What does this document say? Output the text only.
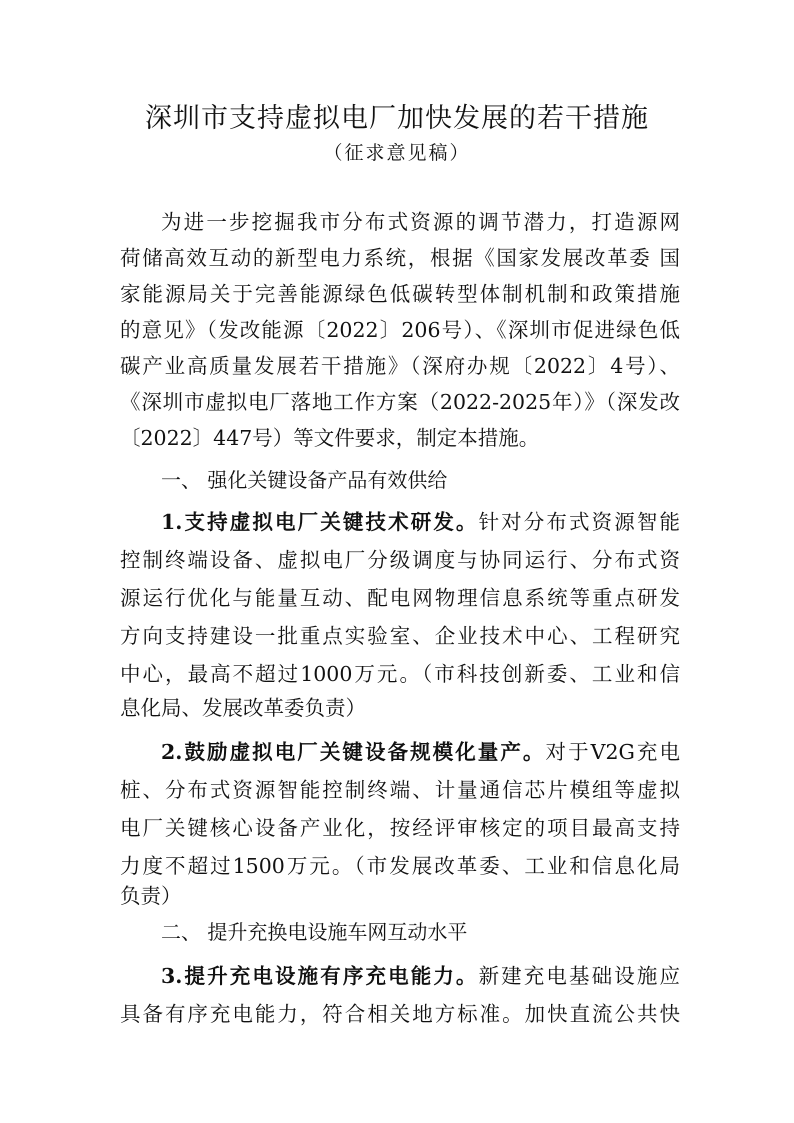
深圳市支持虚拟电厂加快发展的若干措施
（征求意见稿）
为进一步挖掘我市分布式资源的调节潜力，打造源网
荷储高效互动的新型电力系统，根据《国家发展改革委 国
家能源局关于完善能源绿色低碳转型体制机制和政策措施
的意见》（发改能源〔2022〕206号）、《深圳市促进绿色低
碳产业高质量发展若干措施》（深府办规〔2022〕4号）、
《深圳市虚拟电厂落地工作方案（2022-2025年）》（深发改
〔2022〕447号）等文件要求，制定本措施。
一、 强化关键设备产品有效供给
1.支持虚拟电厂关键技术研发。针对分布式资源智能
控制终端设备、虚拟电厂分级调度与协同运行、分布式资
源运行优化与能量互动、配电网物理信息系统等重点研发
方向支持建设一批重点实验室、企业技术中心、工程研究
中心，最高不超过1000万元。（市科技创新委、工业和信
息化局、发展改革委负责）
2.鼓励虚拟电厂关键设备规模化量产。对于V2G充电
桩、分布式资源智能控制终端、计量通信芯片模组等虚拟
电厂关键核心设备产业化，按经评审核定的项目最高支持
力度不超过1500万元。（市发展改革委、工业和信息化局
负责）
二、 提升充换电设施车网互动水平
3.提升充电设施有序充电能力。新建充电基础设施应
具备有序充电能力，符合相关地方标准。加快直流公共快
